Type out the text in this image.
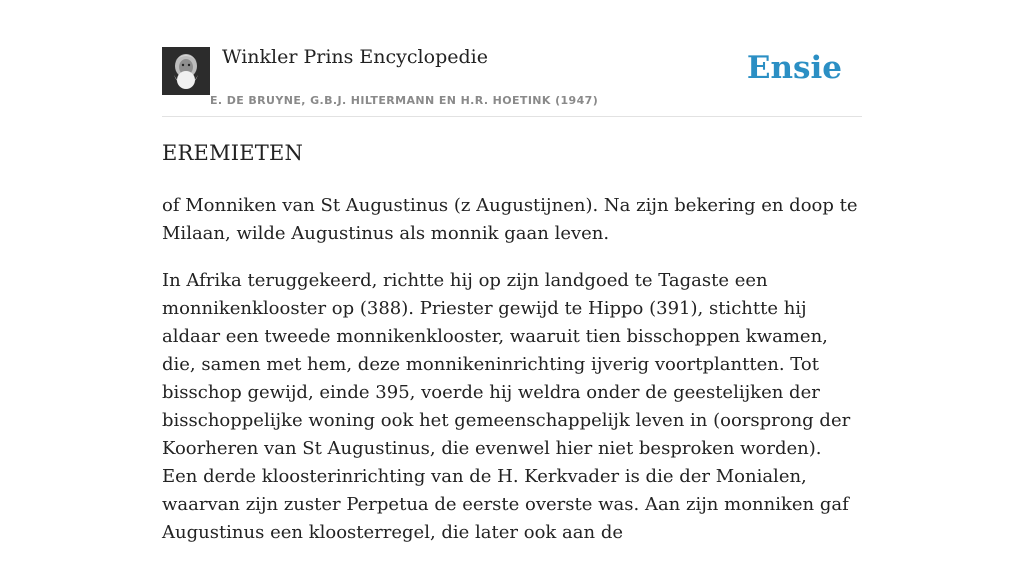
Winkler Prins Encyclopedie
E. DE BRUYNE, G.B.J. HILTERMANN EN H.R. HOETINK (1947)
Ensie
EREMIETEN

of Monniken van St Augustinus (z Augustijnen). Na zijn bekering en doop te Milaan, wilde Augustinus als monnik gaan leven.

In Afrika teruggekeerd, richtte hij op zijn landgoed te Tagaste een monnikenklooster op (388). Priester gewijd te Hippo (391), stichtte hij aldaar een tweede monnikenklooster, waaruit tien bisschoppen kwamen, die, samen met hem, deze monnikeninrichting ijverig voortplantten. Tot bisschop gewijd, einde 395, voerde hij weldra onder de geestelijken der bisschoppelijke woning ook het gemeenschappelijk leven in (oorsprong der Koorheren van St Augustinus, die evenwel hier niet besproken worden). Een derde kloosterinrichting van de H. Kerkvader is die der Monialen, waarvan zijn zuster Perpetua de eerste overste was. Aan zijn monniken gaf Augustinus een kloosterregel, die later ook aan de
